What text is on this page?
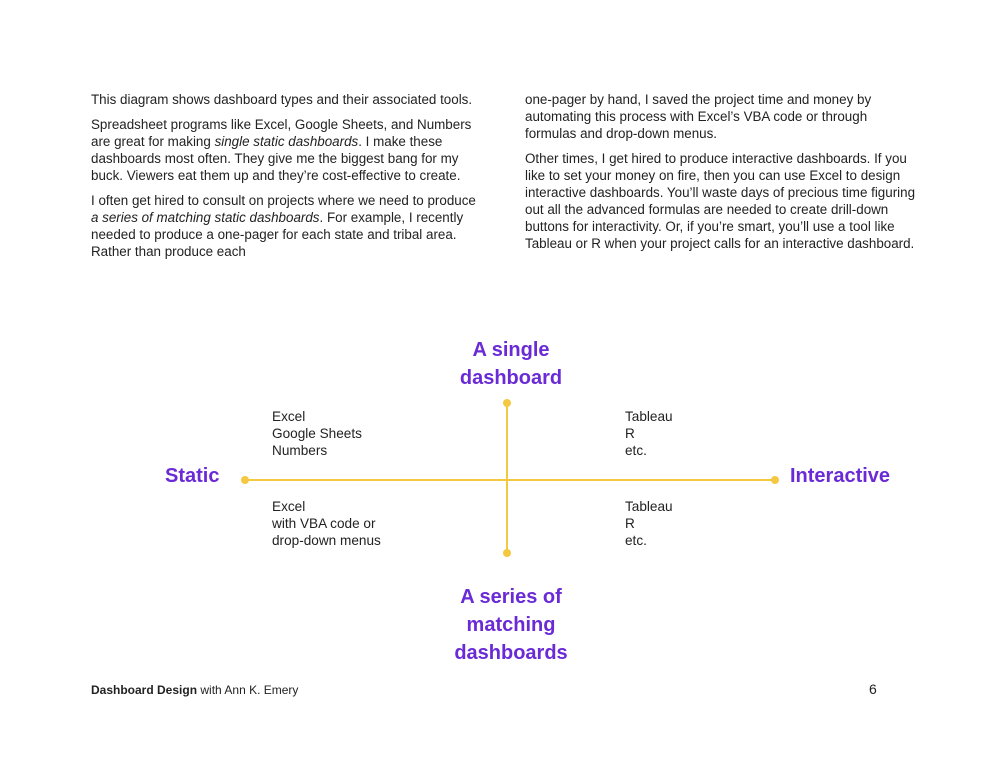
This diagram shows dashboard types and their associated tools.

Spreadsheet programs like Excel, Google Sheets, and Numbers are great for making single static dashboards. I make these dashboards most often. They give me the biggest bang for my buck. Viewers eat them up and they’re cost-effective to create.

I often get hired to consult on projects where we need to produce a series of matching static dashboards. For example, I recently needed to produce a one-pager for each state and tribal area. Rather than produce each

one-pager by hand, I saved the project time and money by automating this process with Excel’s VBA code or through formulas and drop-down menus.

Other times, I get hired to produce interactive dashboards. If you like to set your money on fire, then you can use Excel to design interactive dashboards. You’ll waste days of precious time figuring out all the advanced formulas are needed to create drill-down buttons for interactivity. Or, if you’re smart, you’ll use a tool like Tableau or R when your project calls for an interactive dashboard.

A single
dashboard
A series of
matching
dashboards
Static	Interactive
Excel
Google Sheets
Numbers
Tableau
R
etc.
Excel
with VBA code or
drop-down menus
Tableau
R
etc.
Dashboard Design with Ann K. Emery	6
